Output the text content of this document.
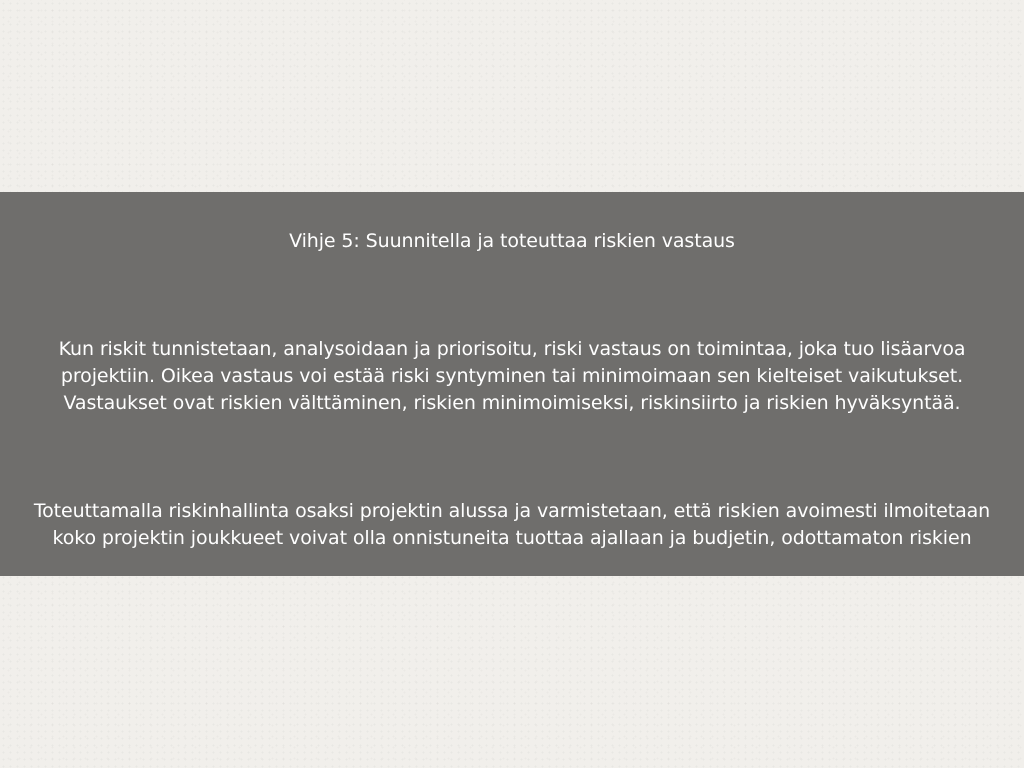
Vihje 5: Suunnitella ja toteuttaa riskien vastaus
Kun riskit tunnistetaan, analysoidaan ja priorisoitu, riski vastaus on toimintaa, joka tuo lisäarvoa projektiin. Oikea vastaus voi estää riski syntyminen tai minimoimaan sen kielteiset vaikutukset. Vastaukset ovat riskien välttäminen, riskien minimoimiseksi, riskinsiirto ja riskien hyväksyntää.
Toteuttamalla riskinhallinta osaksi projektin alussa ja varmistetaan, että riskien avoimesti ilmoitetaan koko projektin joukkueet voivat olla onnistuneita tuottaa ajallaan ja budjetin, odottamaton riskien
